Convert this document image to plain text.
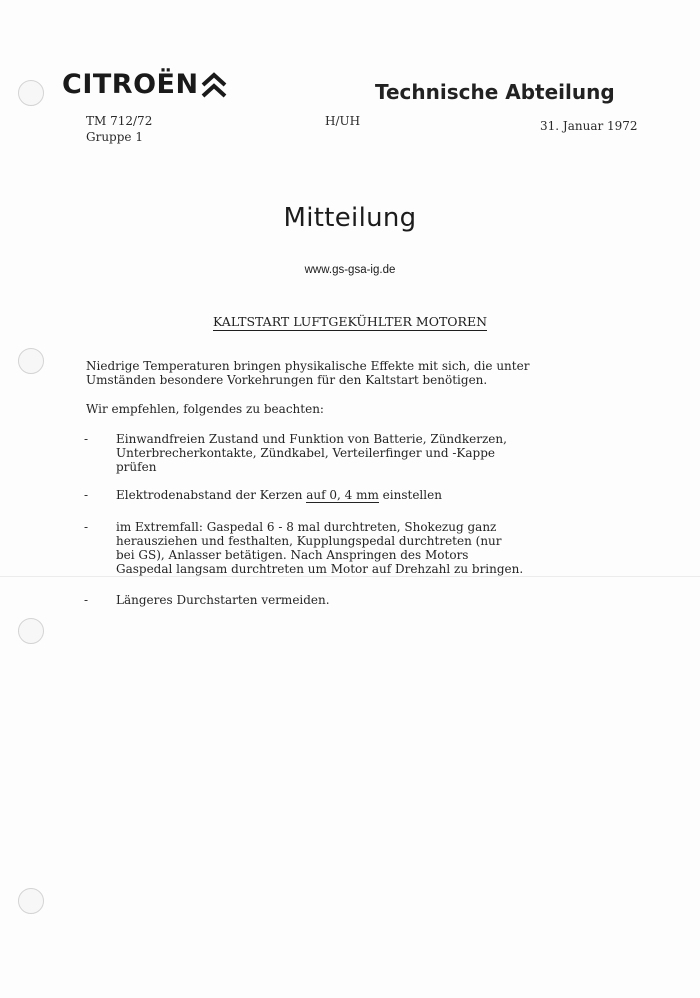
CITROËN	Technische Abteilung
TM 712/72
Gruppe 1
H/UH	31. Januar 1972
Mitteilung
www.gs-gsa-ig.de
KALTSTART LUFTGEKÜHLTER MOTOREN
Niedrige Temperaturen bringen physikalische Effekte mit sich, die unter
Umständen besondere Vorkehrungen für den Kaltstart benötigen.
Wir empfehlen, folgendes zu beachten:
- Einwandfreien Zustand und Funktion von Batterie, Zündkerzen,
Unterbrecherkontakte, Zündkabel, Verteilerfinger und -Kappe
prüfen
- Elektrodenabstand der Kerzen auf 0, 4 mm einstellen
- im Extremfall: Gaspedal 6 - 8 mal durchtreten, Shokezug ganz
herausziehen und festhalten, Kupplungspedal durchtreten (nur
bei GS), Anlasser betätigen. Nach Anspringen des Motors
Gaspedal langsam durchtreten um Motor auf Drehzahl zu bringen.
- Längeres Durchstarten vermeiden.
